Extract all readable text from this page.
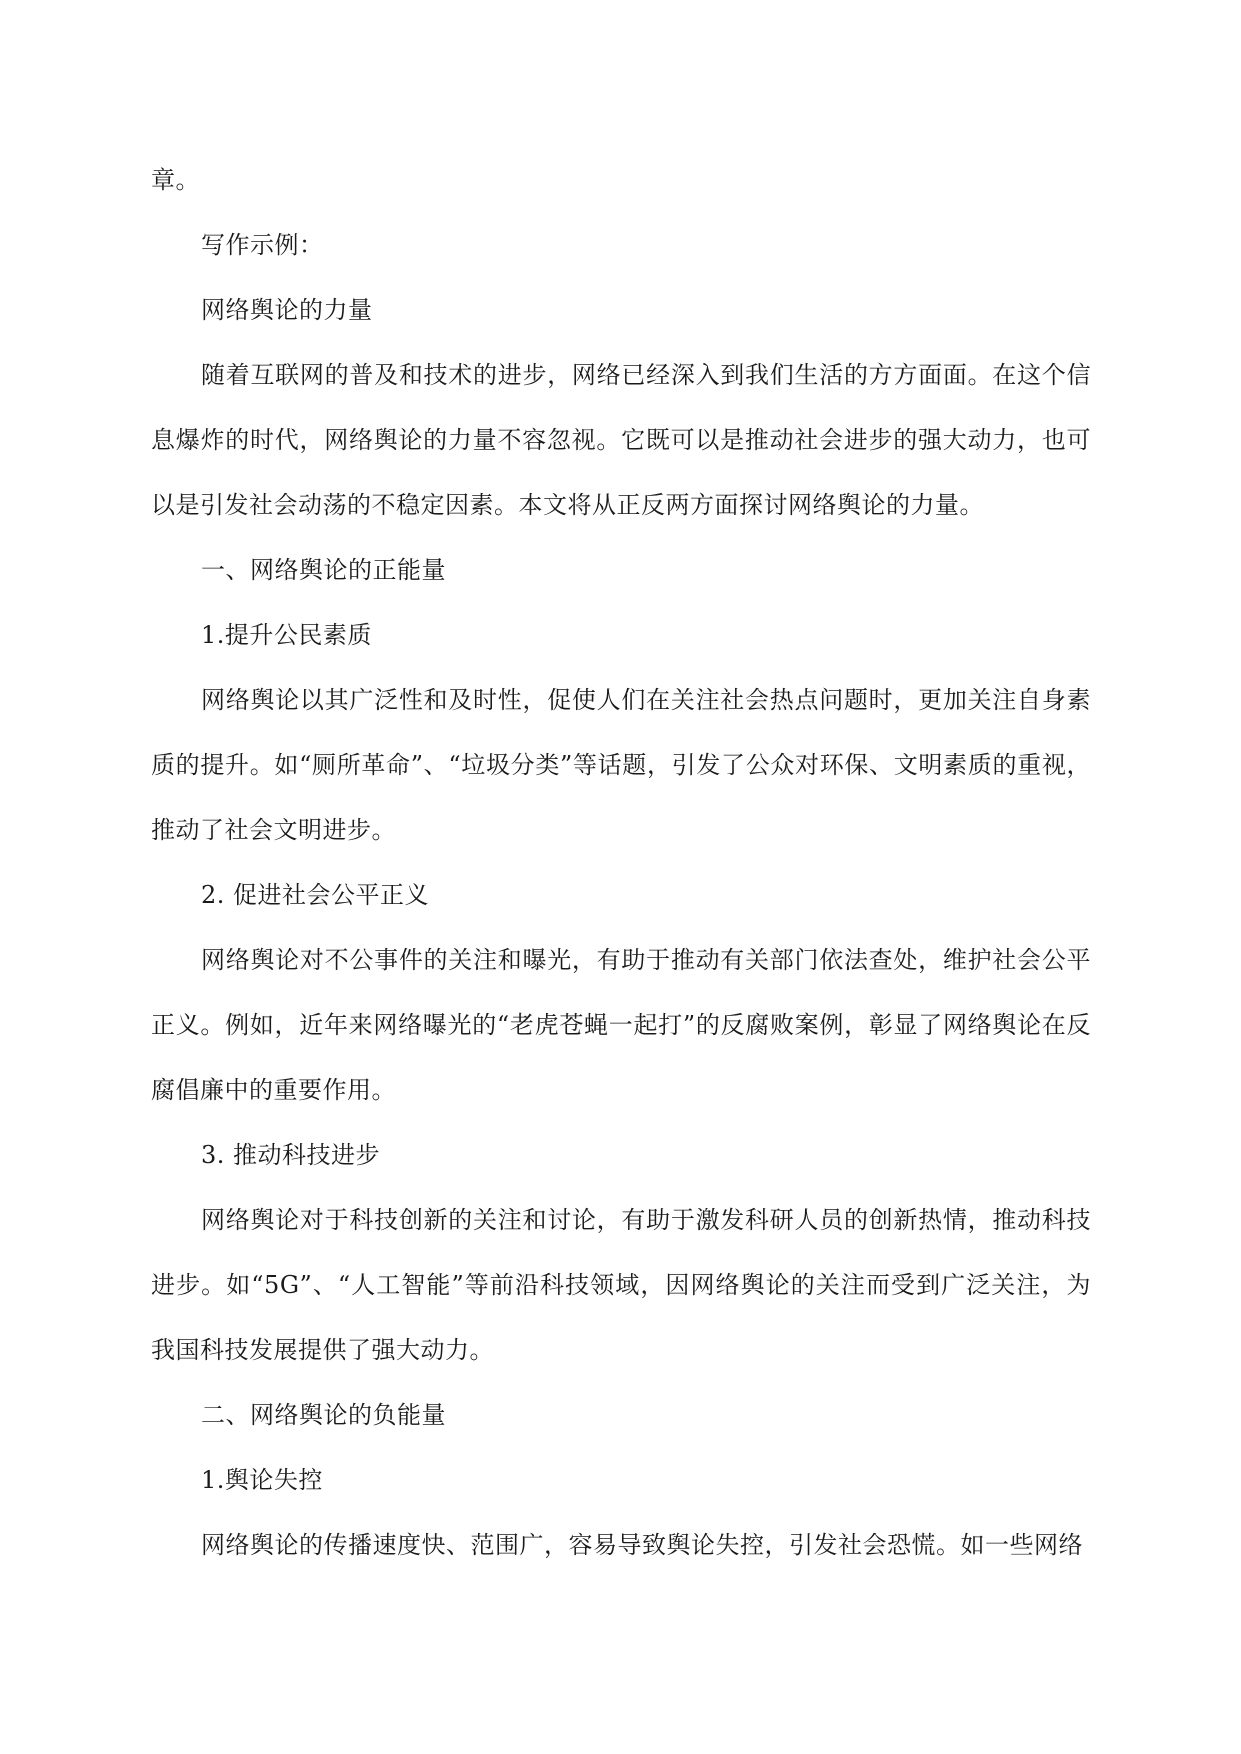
章。

写作示例：

网络舆论的力量

随着互联网的普及和技术的进步，网络已经深入到我们生活的方方面面。在这个信息爆炸的时代，网络舆论的力量不容忽视。它既可以是推动社会进步的强大动力，也可以是引发社会动荡的不稳定因素。本文将从正反两方面探讨网络舆论的力量。

一、网络舆论的正能量

1.提升公民素质

网络舆论以其广泛性和及时性，促使人们在关注社会热点问题时，更加关注自身素质的提升。如“厕所革命”、“垃圾分类”等话题，引发了公众对环保、文明素质的重视，推动了社会文明进步。

2. 促进社会公平正义

网络舆论对不公事件的关注和曝光，有助于推动有关部门依法查处，维护社会公平正义。例如，近年来网络曝光的“老虎苍蝇一起打”的反腐败案例，彰显了网络舆论在反腐倡廉中的重要作用。

3. 推动科技进步

网络舆论对于科技创新的关注和讨论，有助于激发科研人员的创新热情，推动科技进步。如“5G”、“人工智能”等前沿科技领域，因网络舆论的关注而受到广泛关注，为我国科技发展提供了强大动力。

二、网络舆论的负能量

1.舆论失控

网络舆论的传播速度快、范围广，容易导致舆论失控，引发社会恐慌。如一些网络
